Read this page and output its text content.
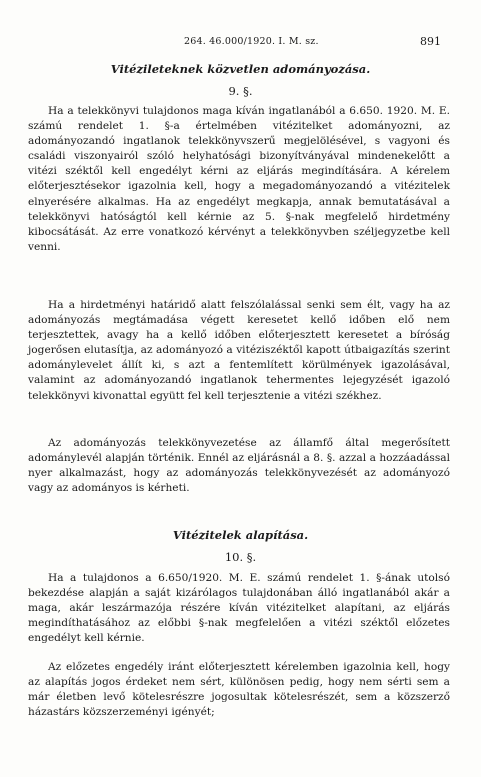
264. 46.000/1920. I. M. sz.	891
Vitézileteknek közvetlen adományozása.
9. §.

Ha a telekkönyvi tulajdonos maga kíván ingatlanából a 6.650. 1920. M. E. számú rendelet 1. §-a értelmében vitézitelket adományozni, az adományozandó ingatlanok telekkönyvszerű megjelölésével, s vagyoni és családi viszonyairól szóló helyhatósági bizonyítványával mindenekelőtt a vitézi széktől kell engedélyt kérni az eljárás megindítására. A kérelem előterjesztésekor igazolnia kell, hogy a megadományozandó a vitézitelek elnyerésére alkalmas. Ha az engedélyt megkapja, annak bemutatásával a telekkönyvi hatóságtól kell kérnie az 5. §-nak megfelelő hirdetmény kibocsátását. Az erre vonatkozó kérvényt a telekkönyvben széljegyzetbe kell venni.

Ha a hirdetményi határidő alatt felszólalással senki sem élt, vagy ha az adományozás megtámadása végett keresetet kellő időben elő nem terjesztettek, avagy ha a kellő időben előterjesztett keresetet a bíróság jogerősen elutasítja, az adományozó a vitéziszéktől kapott útbaigazítás szerint adománylevelet állít ki, s azt a fentemlített körülmények igazolásával, valamint az adományozandó ingatlanok tehermentes lejegyzését igazoló telekkönyvi kivonattal együtt fel kell terjesztenie a vitézi székhez.

Az adományozás telekkönyvezetése az államfő által megerősített adománylevél alapján történik. Ennél az eljárásnál a 8. §. azzal a hozzáadással nyer alkalmazást, hogy az adományozás telekkönyvezését az adományozó vagy az adományos is kérheti.

Vitézitelek alapítása.
10. §.

Ha a tulajdonos a 6.650/1920. M. E. számú rendelet 1. §-ának utolsó bekezdése alapján a saját kizárólagos tulajdonában álló ingatlanából akár a maga, akár leszármazója részére kíván vitézitelket alapítani, az eljárás megindíthatásához az előbbi §-nak megfelelően a vitézi széktől előzetes engedélyt kell kérnie.

Az előzetes engedély iránt előterjesztett kérelemben igazolnia kell, hogy az alapítás jogos érdeket nem sért, különösen pedig, hogy nem sérti sem a már életben levő kötelesrészre jogosultak kötelesrészét, sem a közszerző házastárs közszerzeményi igényét;
